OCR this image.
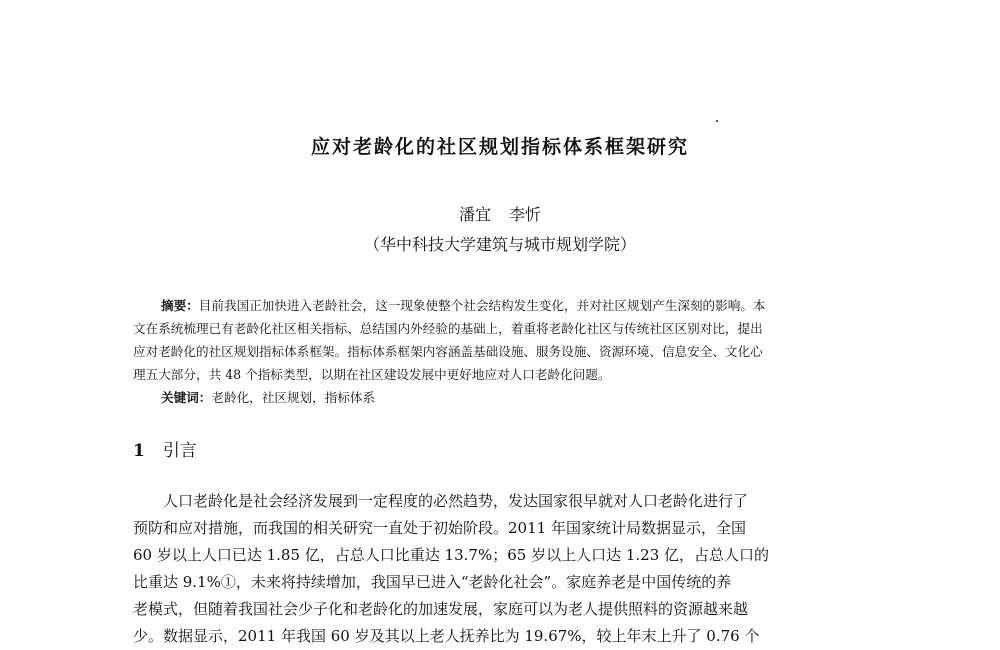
应对老龄化的社区规划指标体系框架研究
潘宜 李忻
（华中科技大学建筑与城市规划学院）
摘要：目前我国正加快进入老龄社会，这一现象使整个社会结构发生变化，并对社区规划产生深刻的影响。本
文在系统梳理已有老龄化社区相关指标、总结国内外经验的基础上，着重将老龄化社区与传统社区区别对比，提出
应对老龄化的社区规划指标体系框架。指标体系框架内容涵盖基础设施、服务设施、资源环境、信息安全、文化心
理五大部分，共 48 个指标类型，以期在社区建设发展中更好地应对人口老龄化问题。
关键词：老龄化，社区规划，指标体系
1 引言
人口老龄化是社会经济发展到一定程度的必然趋势，发达国家很早就对人口老龄化进行了
预防和应对措施，而我国的相关研究一直处于初始阶段。2011 年国家统计局数据显示，全国
60 岁以上人口已达 1.85 亿，占总人口比重达 13.7%；65 岁以上人口达 1.23 亿，占总人口的
比重达 9.1%①，未来将持续增加，我国早已进入“老龄化社会”。家庭养老是中国传统的养
老模式，但随着我国社会少子化和老龄化的加速发展，家庭可以为老人提供照料的资源越来越
少。数据显示，2011 年我国 60 岁及其以上老人抚养比为 19.67%，较上年末上升了 0.76 个
